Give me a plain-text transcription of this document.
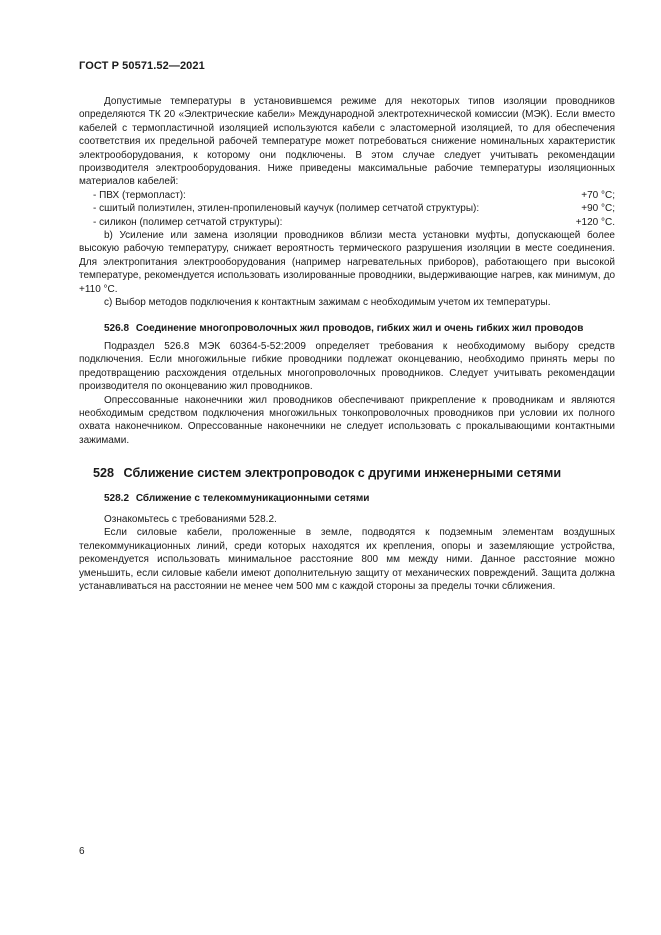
ГОСТ Р 50571.52—2021

Допустимые температуры в установившемся режиме для некоторых типов изоляции проводников определяются ТК 20 «Электрические кабели» Международной электротехнической комиссии (МЭК). Если вместо кабелей с термопластичной изоляцией используются кабели с эластомерной изоляцией, то для обеспечения соответствия их предельной рабочей температуре может потребоваться снижение номинальных характеристик электрооборудования, к которому они подключены. В этом случае следует учитывать рекомендации производителя электрооборудования. Ниже приведены максимальные рабочие температуры изоляционных материалов кабелей:

- ПВХ (термопласт):	+70 °С;
- сшитый полиэтилен, этилен-пропиленовый каучук (полимер сетчатой структуры):	+90 °С;
- силикон (полимер сетчатой структуры):	+120 °С.

b) Усиление или замена изоляции проводников вблизи места установки муфты, допускающей более высокую рабочую температуру, снижает вероятность термического разрушения изоляции в месте соединения. Для электропитания электрооборудования (например нагревательных приборов), работающего при высокой температуре, рекомендуется использовать изолированные проводники, выдерживающие нагрев, как минимум, до +110 °С.

c) Выбор методов подключения к контактным зажимам с необходимым учетом их температуры.

526.8 Соединение многопроволочных жил проводов, гибких жил и очень гибких жил проводов

Подраздел 526.8 МЭК 60364-5-52:2009 определяет требования к необходимому выбору средств подключения. Если многожильные гибкие проводники подлежат оконцеванию, необходимо принять меры по предотвращению расхождения отдельных многопроволочных проводников. Следует учитывать рекомендации производителя по оконцеванию жил проводников.

Опрессованные наконечники жил проводников обеспечивают прикрепление к проводникам и являются необходимым средством подключения многожильных тонкопроволочных проводников при условии их полного охвата наконечником. Опрессованные наконечники не следует использовать с прокалывающими контактными зажимами.

528 Сближение систем электропроводок с другими инженерными сетями
528.2 Сближение с телекоммуникационными сетями

Ознакомьтесь с требованиями 528.2.

Если силовые кабели, проложенные в земле, подводятся к подземным элементам воздушных телекоммуникационных линий, среди которых находятся их крепления, опоры и заземляющие устройства, рекомендуется использовать минимальное расстояние 800 мм между ними. Данное расстояние можно уменьшить, если силовые кабели имеют дополнительную защиту от механических повреждений. Защита должна устанавливаться на расстоянии не менее чем 500 мм с каждой стороны за пределы точки сближения.

6
